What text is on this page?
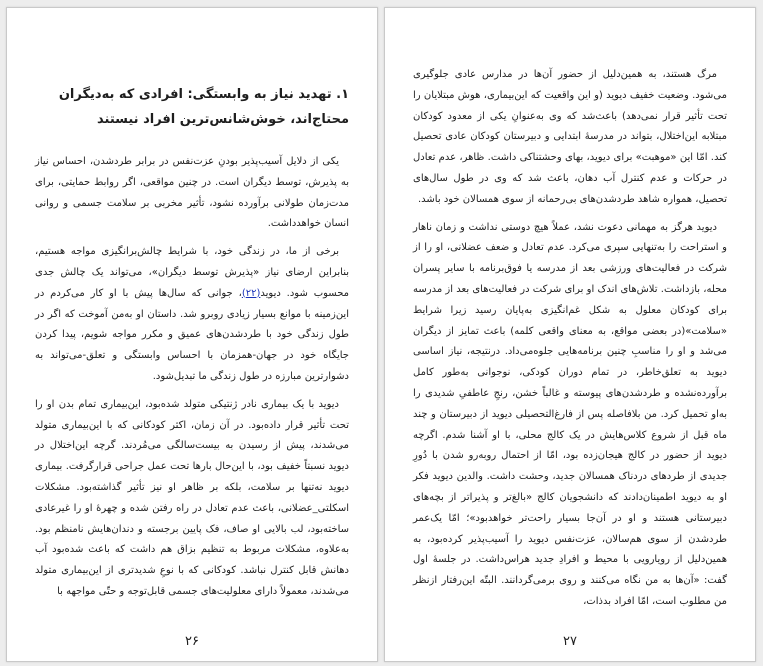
۱. تهدید نیاز به وابستگی: افرادی که به‌دیگران محتاج‌اند، خوش‌شانس‌ترین افراد نیستند

یکی از دلایل آسیب‌پذیر بودنِ عزت‌نفس در برابر طردشدن، احساس نیاز به پذیرش، توسط دیگران است. در چنین مواقعی، اگر روابط حمایتی، برای مدت‌زمان طولانی برآورده نشود، تأثیر مخربی بر سلامت جسمی و روانی انسان خواهدداشت.

برخی از ما، در زندگی خود، با شرایط چالش‌برانگیزی مواجه هستیم، بنابراین ارضای نیاز «پذیرش توسط دیگران»، می‌تواند یک چالش جدی محسوب شود. دیوید(۲۲)، جوانی که سال‌ها پیش با او کار می‌کردم در این‌زمینه با موانع بسیار زیادی روبرو شد. داستان او به‌من آموخت که اگر در طول زندگی خود با طردشدن‌های عمیق و مکرر مواجه شویم، پیدا کردن جایگاه خود در جهان-همزمان با احساس وابستگی و تعلق-می‌تواند به دشوارترین مبارزه در طول زندگی ما تبدیل‌شود.

دیوید با یک بیماری نادر ژنتیکی متولد شده‌بود، این‌بیماری تمام بدن او را تحت تأثیر قرار داده‌بود. در آن زمان، اکثر کودکانی که با این‌بیماری متولد می‌شدند، پیش از رسیدن به بیست‌سالگی می‌مُردند. گرچه این‌اختلال در دیوید نسبتاً خفیف بود، با این‌حال بارها تحت عمل جراحی قرارگرفت. بیماری دیوید نه‌تنها بر سلامت، بلکه بر ظاهر او نیز تأثیر گذاشته‌بود. مشکلات اسکلتی_عضلانی، باعث عدم تعادل در راه رفتن شده و چهرهٔ او را غیرعادی ساخته‌بود، لب بالایی او صاف، فک پایین برجسته و دندان‌هایش نامنظم بود. به‌علاوه، مشکلات مربوط به تنظیم بزاق هم داشت که باعث شده‌بود آب دهانش قابل کنترل نباشد. کودکانی که با نوعِ شدیدتری از این‌بیماری متولد می‌شدند، معمولاً دارای معلولیت‌های جسمی قابل‌توجه و حتّی مواجهه با

۲۶

مرگ هستند، به همین‌دلیل از حضور آن‌ها در مدارس عادی جلوگیری می‌شود. وضعیت خفیف دیوید (و این واقعیت که این‌بیماری، هوش مبتلایان را تحت تأثیر قرار نمی‌دهد) باعث‌شد که وی به‌عنوانِ یکی از معدود کودکان مبتلابه این‌اختلال، بتواند در مدرسهٔ ابتدایی و دبیرستان کودکان عادی تحصیل کند. امّا این «موهبت» برای دیوید، بهای وحشتناکی داشت. ظاهر، عدم تعادل در حرکات و عدم کنترل آب دهان، باعث شد که وی در طول سال‌های تحصیل، همواره شاهد طردشدن‌های بی‌رحمانه از سوی همسالان خود باشد.

دیوید هرگز به مهمانی دعوت نشد، عملاً هیچ دوستی نداشت و زمان ناهار و استراحت را به‌تنهایی سپری می‌کرد. عدم تعادل و ضعف عضلانی، او را از شرکت در فعالیت‌های ورزشی بعد از مدرسه یا فوق‌برنامه با سایر پسران محله، بازداشت. تلاش‌های اندک او برای شرکت در فعالیت‌های بعد از مدرسه برای کودکان معلول به شکل غم‌انگیزی به‌پایان رسید زیرا شرایط «سلامت»(در بعضی مواقع، به معنای واقعی کلمه) باعث تمایز از دیگران می‌شد و او را مناسبِ چنین برنامه‌هایی جلوه‌می‌داد. درنتیجه، نیاز اساسی دیوید به تعلق‌خاطر، در تمام دوران کودکی، نوجوانی به‌طور کامل برآورده‌نشده و طردشدن‌های پیوسته و غالباً خشن، رنجِ عاطفیِ شدیدی را به‌او تحمیل کرد. من بلافاصله پس از فارغ‌التحصیلی دیوید از دبیرستان و چند ماه قبل از شروع کلاس‌هایش در یک کالج محلی، با او آشنا شدم. اگرچه دیوید از حضور در کالج هیجان‌زده بود، امّا از احتمال روبه‌رو شدن با دُورِ جدیدی از طردهای دردناک همسالان جدید، وحشت داشت. والدین دیوید فکر او به دیوید اطمینان‌دادند که دانشجویان کالج «بالغ‌تر و پذیراتر از بچه‌های دبیرستانی هستند و او در آن‌جا بسیار راحت‌تر خواهدبود»؛ امّا یک‌عمر طردشدن از سوی هم‌سالان، عزت‌نفس دیوید را آسیب‌پذیر کرده‌بود، به همین‌دلیل از رویارویی با محیط و افرادِ جدید هراس‌داشت. در جلسهٔ اول گفت: «آن‌ها به من نگاه می‌کنند و روی برمی‌گردانند. البتّه این‌رفتار ازنظر من مطلوب است، امّا افراد بدذات،

۲۷
